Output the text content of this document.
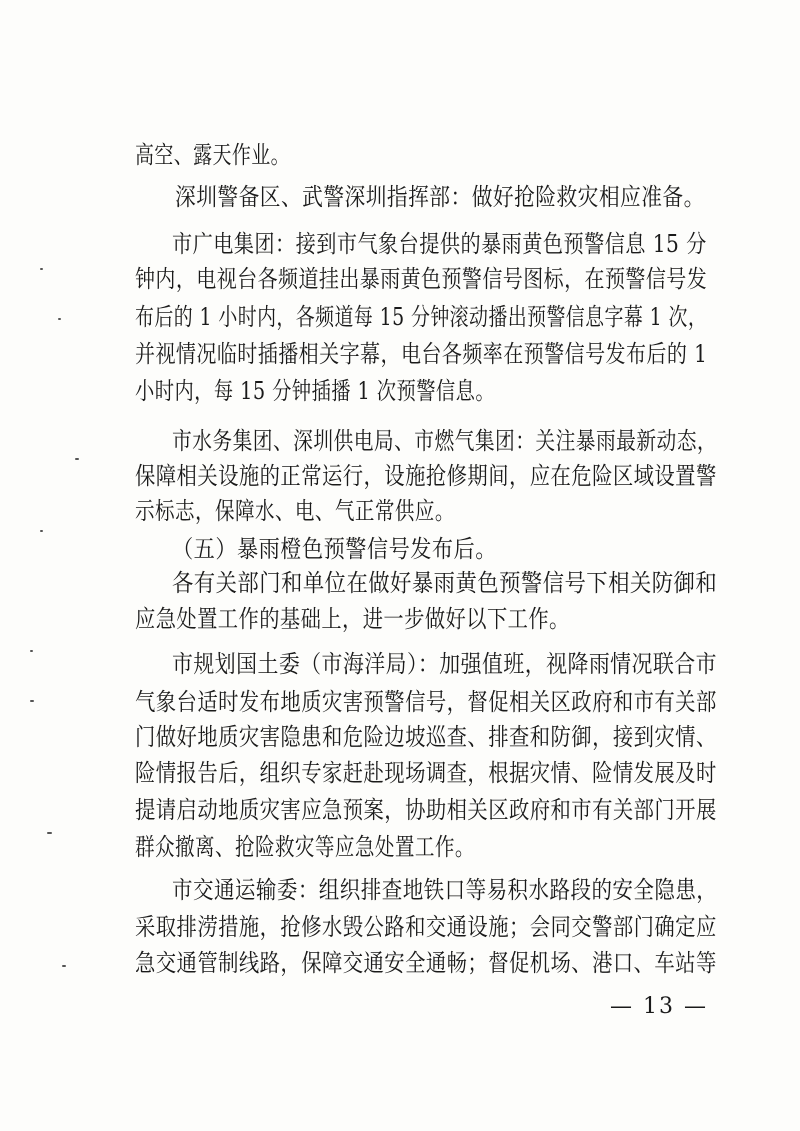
高空、露天作业。
深圳警备区、武警深圳指挥部：做好抢险救灾相应准备。
市广电集团：接到市气象台提供的暴雨黄色预警信息 15 分
钟内，电视台各频道挂出暴雨黄色预警信号图标，在预警信号发
布后的 1 小时内，各频道每 15 分钟滚动播出预警信息字幕 1 次，
并视情况临时插播相关字幕，电台各频率在预警信号发布后的 1
小时内，每 15 分钟插播 1 次预警信息。
市水务集团、深圳供电局、市燃气集团：关注暴雨最新动态，
保障相关设施的正常运行，设施抢修期间，应在危险区域设置警
示标志，保障水、电、气正常供应。
（五）暴雨橙色预警信号发布后。
各有关部门和单位在做好暴雨黄色预警信号下相关防御和
应急处置工作的基础上，进一步做好以下工作。
市规划国土委（市海洋局）：加强值班，视降雨情况联合市
气象台适时发布地质灾害预警信号，督促相关区政府和市有关部
门做好地质灾害隐患和危险边坡巡查、排查和防御，接到灾情、
险情报告后，组织专家赶赴现场调查，根据灾情、险情发展及时
提请启动地质灾害应急预案，协助相关区政府和市有关部门开展
群众撤离、抢险救灾等应急处置工作。
市交通运输委：组织排查地铁口等易积水路段的安全隐患，
采取排涝措施，抢修水毁公路和交通设施；会同交警部门确定应
急交通管制线路，保障交通安全通畅；督促机场、港口、车站等
— 13 —
